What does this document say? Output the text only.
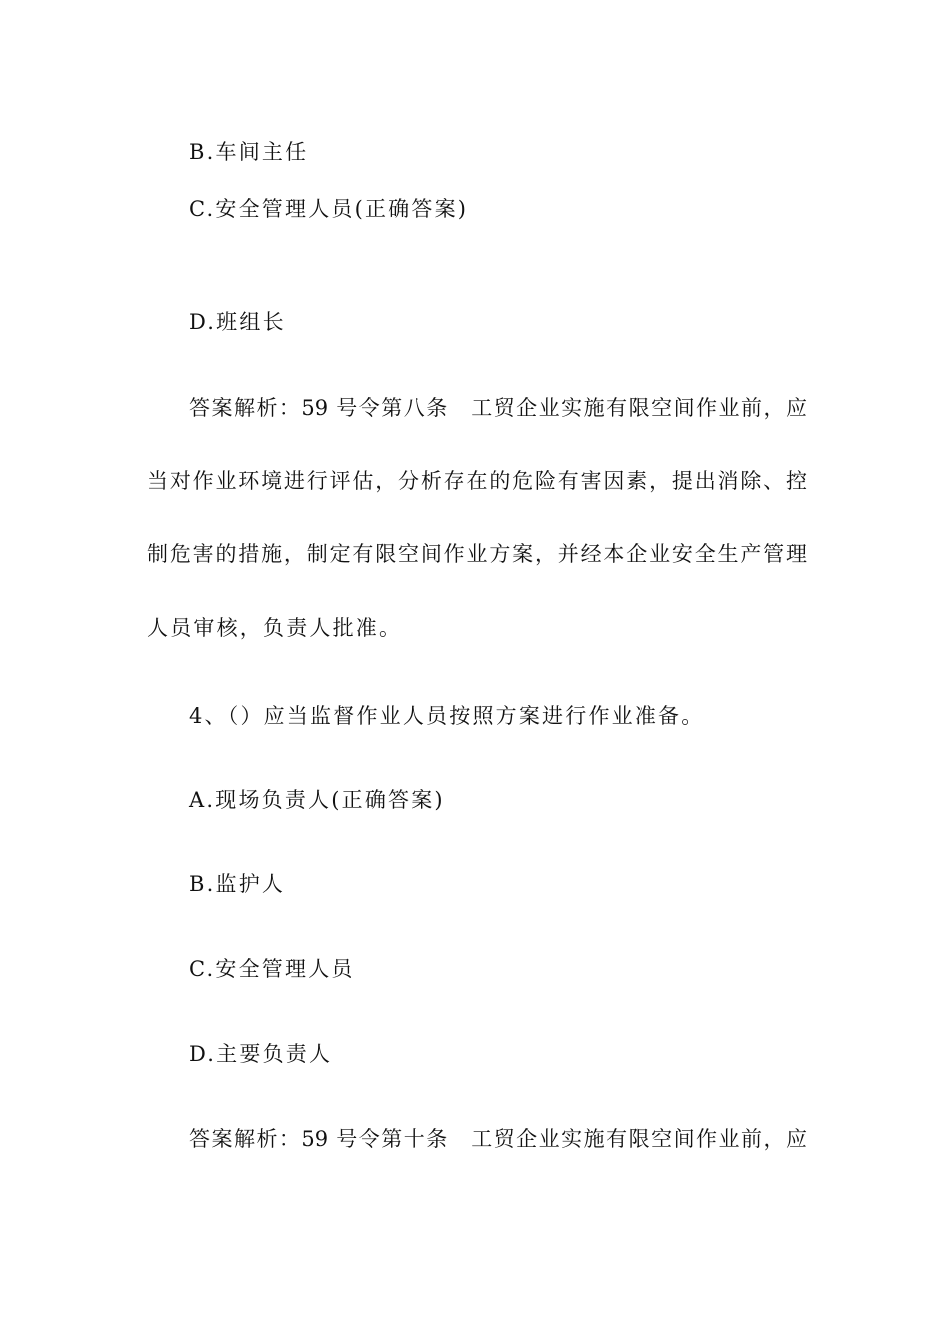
B.车间主任
C.安全管理人员(正确答案)
D.班组长
答案解析：59 号令第八条　工贸企业实施有限空间作业前，应
当对作业环境进行评估，分析存在的危险有害因素，提出消除、控
制危害的措施，制定有限空间作业方案，并经本企业安全生产管理
人员审核，负责人批准。
4、（）应当监督作业人员按照方案进行作业准备。
A.现场负责人(正确答案)
B.监护人
C.安全管理人员
D.主要负责人
答案解析：59 号令第十条　工贸企业实施有限空间作业前，应
